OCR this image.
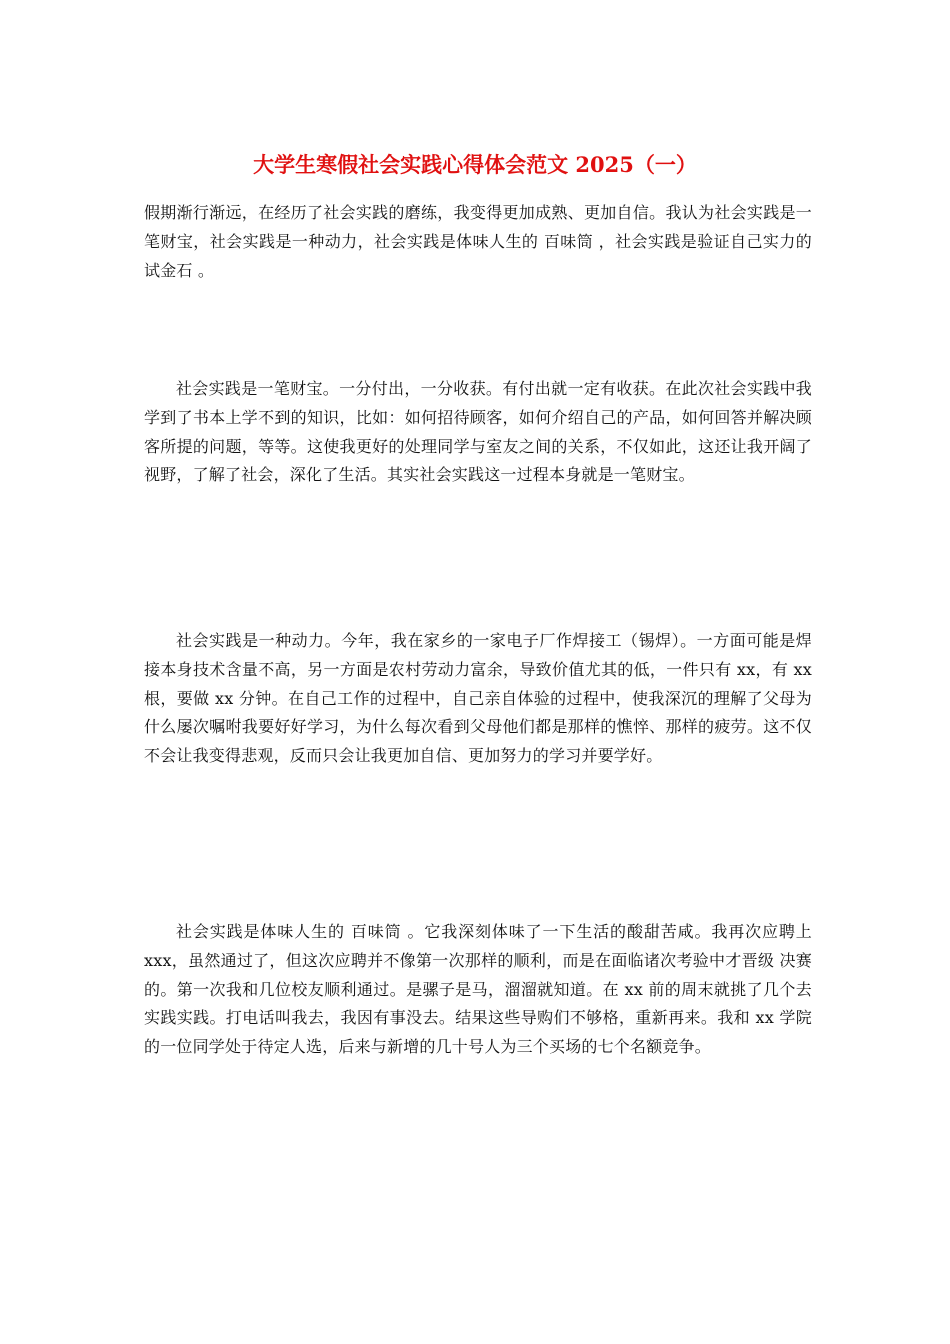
大学生寒假社会实践心得体会范文 2025（一）

假期渐行渐远，在经历了社会实践的磨练，我变得更加成熟、更加自信。我认为社会实践是一笔财宝，社会实践是一种动力，社会实践是体味人生的 百味筒 ，社会实践是验证自己实力的 试金石 。

社会实践是一笔财宝。一分付出，一分收获。有付出就一定有收获。在此次社会实践中我学到了书本上学不到的知识，比如：如何招待顾客，如何介绍自己的产品，如何回答并解决顾客所提的问题，等等。这使我更好的处理同学与室友之间的关系，不仅如此，这还让我开阔了视野，了解了社会，深化了生活。其实社会实践这一过程本身就是一笔财宝。

社会实践是一种动力。今年，我在家乡的一家电子厂作焊接工（锡焊）。一方面可能是焊接本身技术含量不高，另一方面是农村劳动力富余，导致价值尤其的低，一件只有 xx，有 xx 根，要做 xx 分钟。在自己工作的过程中，自己亲自体验的过程中，使我深沉的理解了父母为什么屡次嘱咐我要好好学习，为什么每次看到父母他们都是那样的憔悴、那样的疲劳。这不仅不会让我变得悲观，反而只会让我更加自信、更加努力的学习并要学好。

社会实践是体味人生的 百味筒 。它我深刻体味了一下生活的酸甜苦咸。我再次应聘上 xxx，虽然通过了，但这次应聘并不像第一次那样的顺利，而是在面临诸次考验中才晋级 决赛 的。第一次我和几位校友顺利通过。是骡子是马，溜溜就知道。在 xx 前的周末就挑了几个去实践实践。打电话叫我去，我因有事没去。结果这些导购们不够格，重新再来。我和 xx 学院的一位同学处于待定人选，后来与新增的几十号人为三个买场的七个名额竞争。
